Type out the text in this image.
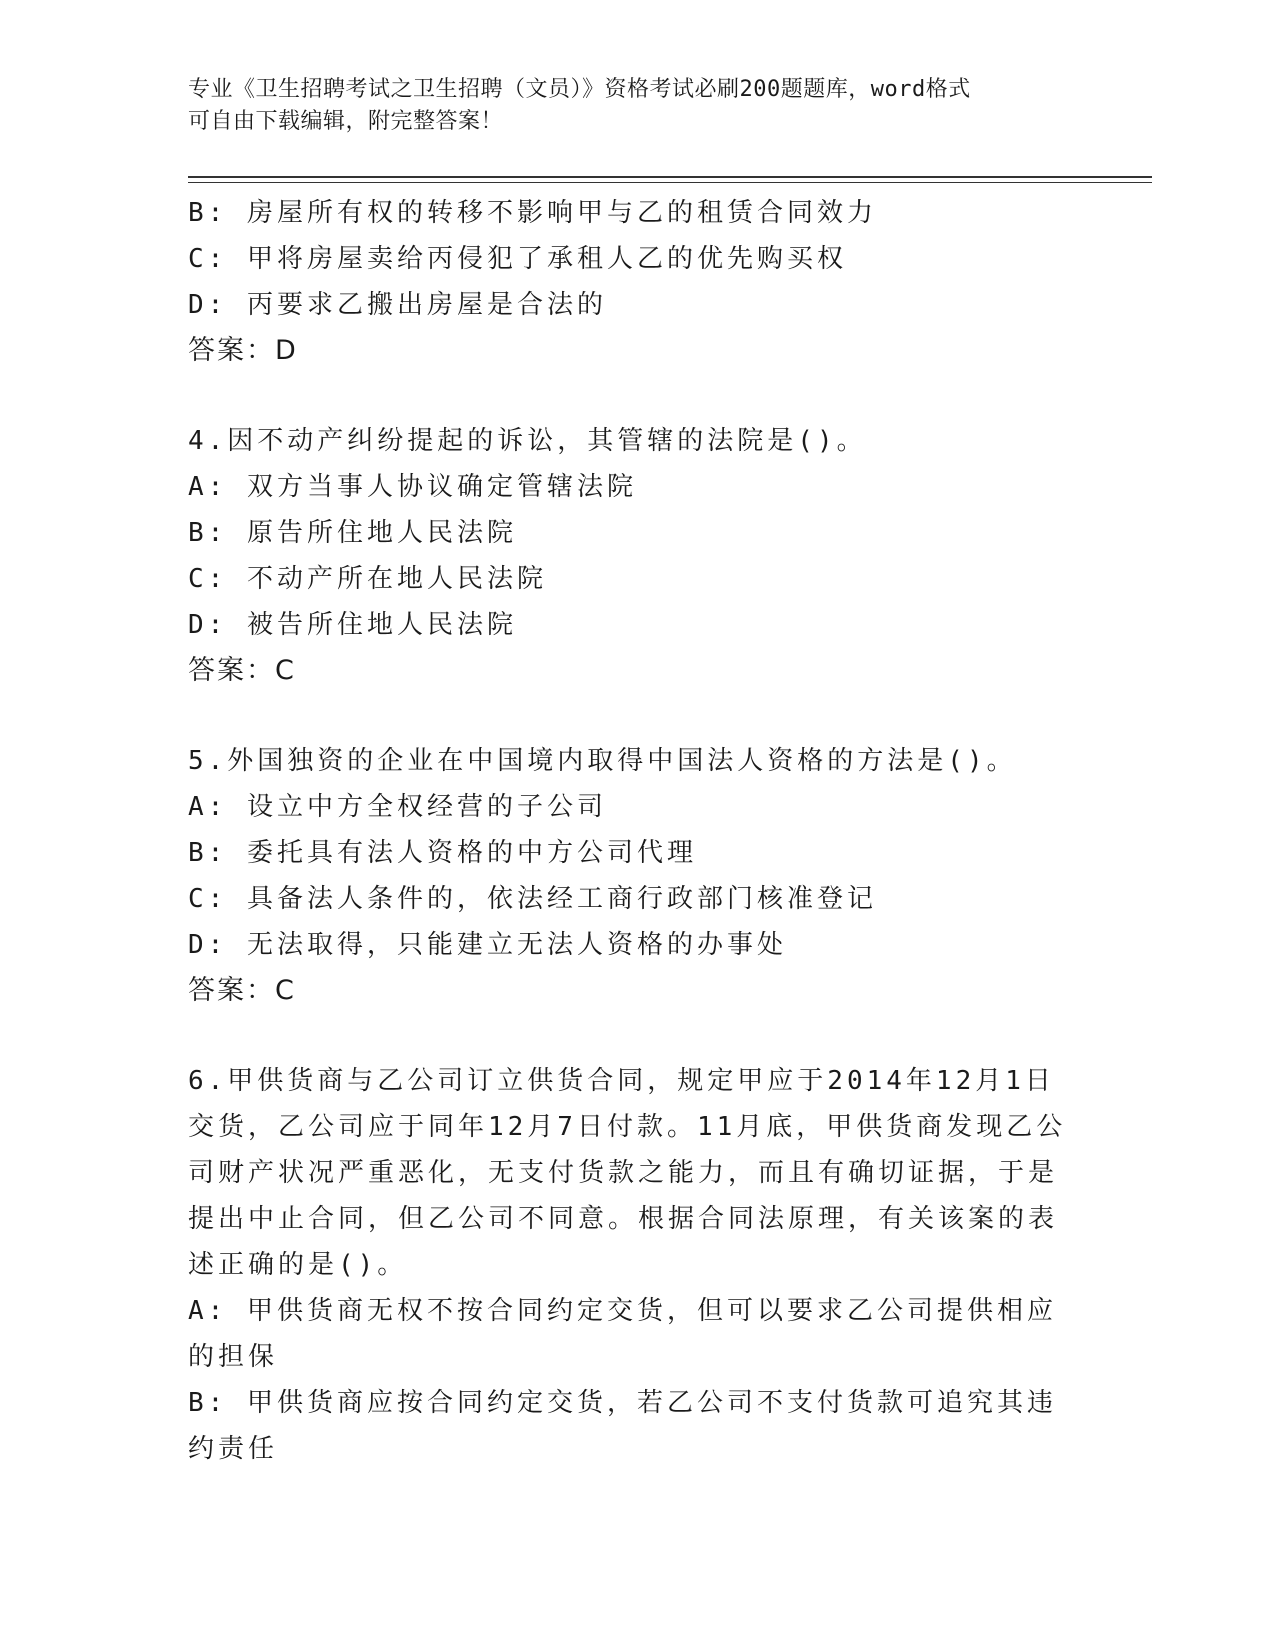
专业《卫生招聘考试之卫生招聘（文员）》资格考试必刷200题题库，word格式
可自由下载编辑，附完整答案！
B: 房屋所有权的转移不影响甲与乙的租赁合同效力
C: 甲将房屋卖给丙侵犯了承租人乙的优先购买权
D: 丙要求乙搬出房屋是合法的
答案：D
4.因不动产纠纷提起的诉讼，其管辖的法院是()。
A: 双方当事人协议确定管辖法院
B: 原告所住地人民法院
C: 不动产所在地人民法院
D: 被告所住地人民法院
答案：C
5.外国独资的企业在中国境内取得中国法人资格的方法是()。
A: 设立中方全权经营的子公司
B: 委托具有法人资格的中方公司代理
C: 具备法人条件的，依法经工商行政部门核准登记
D: 无法取得，只能建立无法人资格的办事处
答案：C
6.甲供货商与乙公司订立供货合同，规定甲应于2014年12月1日交货，乙公司应于同年12月7日付款。11月底，甲供货商发现乙公司财产状况严重恶化，无支付货款之能力，而且有确切证据，于是提出中止合同，但乙公司不同意。根据合同法原理，有关该案的表述正确的是()。
A: 甲供货商无权不按合同约定交货，但可以要求乙公司提供相应的担保
B: 甲供货商应按合同约定交货，若乙公司不支付货款可追究其违约责任
